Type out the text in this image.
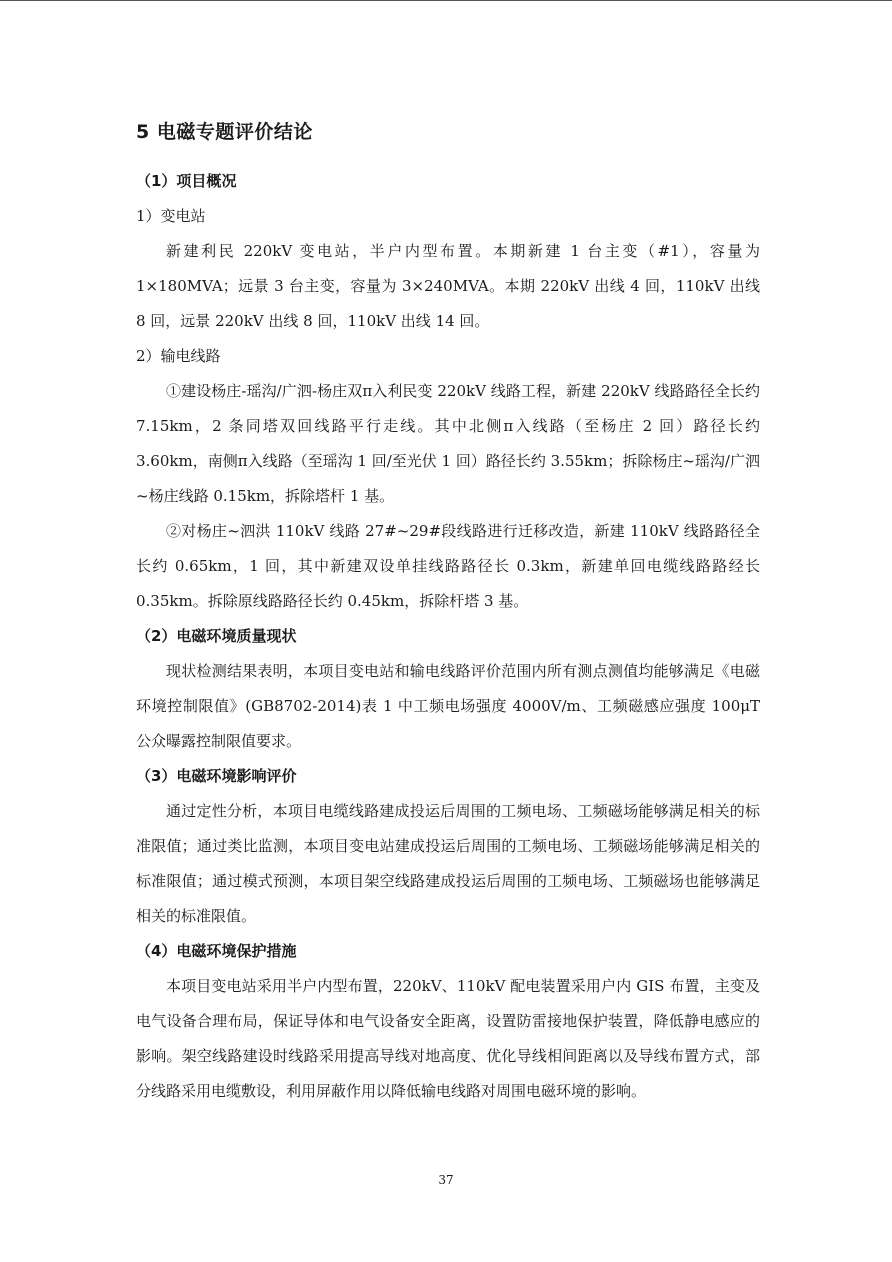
5 电磁专题评价结论

（1）项目概况

1）变电站

新建利民 220kV 变电站，半户内型布置。本期新建 1 台主变（#1），容量为 1×180MVA；远景 3 台主变，容量为 3×240MVA。本期 220kV 出线 4 回，110kV 出线 8 回，远景 220kV 出线 8 回，110kV 出线 14 回。

2）输电线路

①建设杨庄-瑶沟/广泗-杨庄双π入利民变 220kV 线路工程，新建 220kV 线路路径全长约 7.15km，2 条同塔双回线路平行走线。其中北侧π入线路（至杨庄 2 回）路径长约 3.60km，南侧π入线路（至瑶沟 1 回/至光伏 1 回）路径长约 3.55km；拆除杨庄~瑶沟/广泗~杨庄线路 0.15km，拆除塔杆 1 基。

②对杨庄~泗洪 110kV 线路 27#~29#段线路进行迁移改造，新建 110kV 线路路径全长约 0.65km，1 回，其中新建双设单挂线路路径长 0.3km，新建单回电缆线路路经长 0.35km。拆除原线路路径长约 0.45km，拆除杆塔 3 基。

（2）电磁环境质量现状

现状检测结果表明，本项目变电站和输电线路评价范围内所有测点测值均能够满足《电磁环境控制限值》(GB8702-2014)表 1 中工频电场强度 4000V/m、工频磁感应强度 100μT 公众曝露控制限值要求。

（3）电磁环境影响评价

通过定性分析，本项目电缆线路建成投运后周围的工频电场、工频磁场能够满足相关的标准限值；通过类比监测，本项目变电站建成投运后周围的工频电场、工频磁场能够满足相关的标准限值；通过模式预测，本项目架空线路建成投运后周围的工频电场、工频磁场也能够满足相关的标准限值。

（4）电磁环境保护措施

本项目变电站采用半户内型布置，220kV、110kV 配电装置采用户内 GIS 布置，主变及电气设备合理布局，保证导体和电气设备安全距离，设置防雷接地保护装置，降低静电感应的影响。架空线路建设时线路采用提高导线对地高度、优化导线相间距离以及导线布置方式，部分线路采用电缆敷设，利用屏蔽作用以降低输电线路对周围电磁环境的影响。

37
